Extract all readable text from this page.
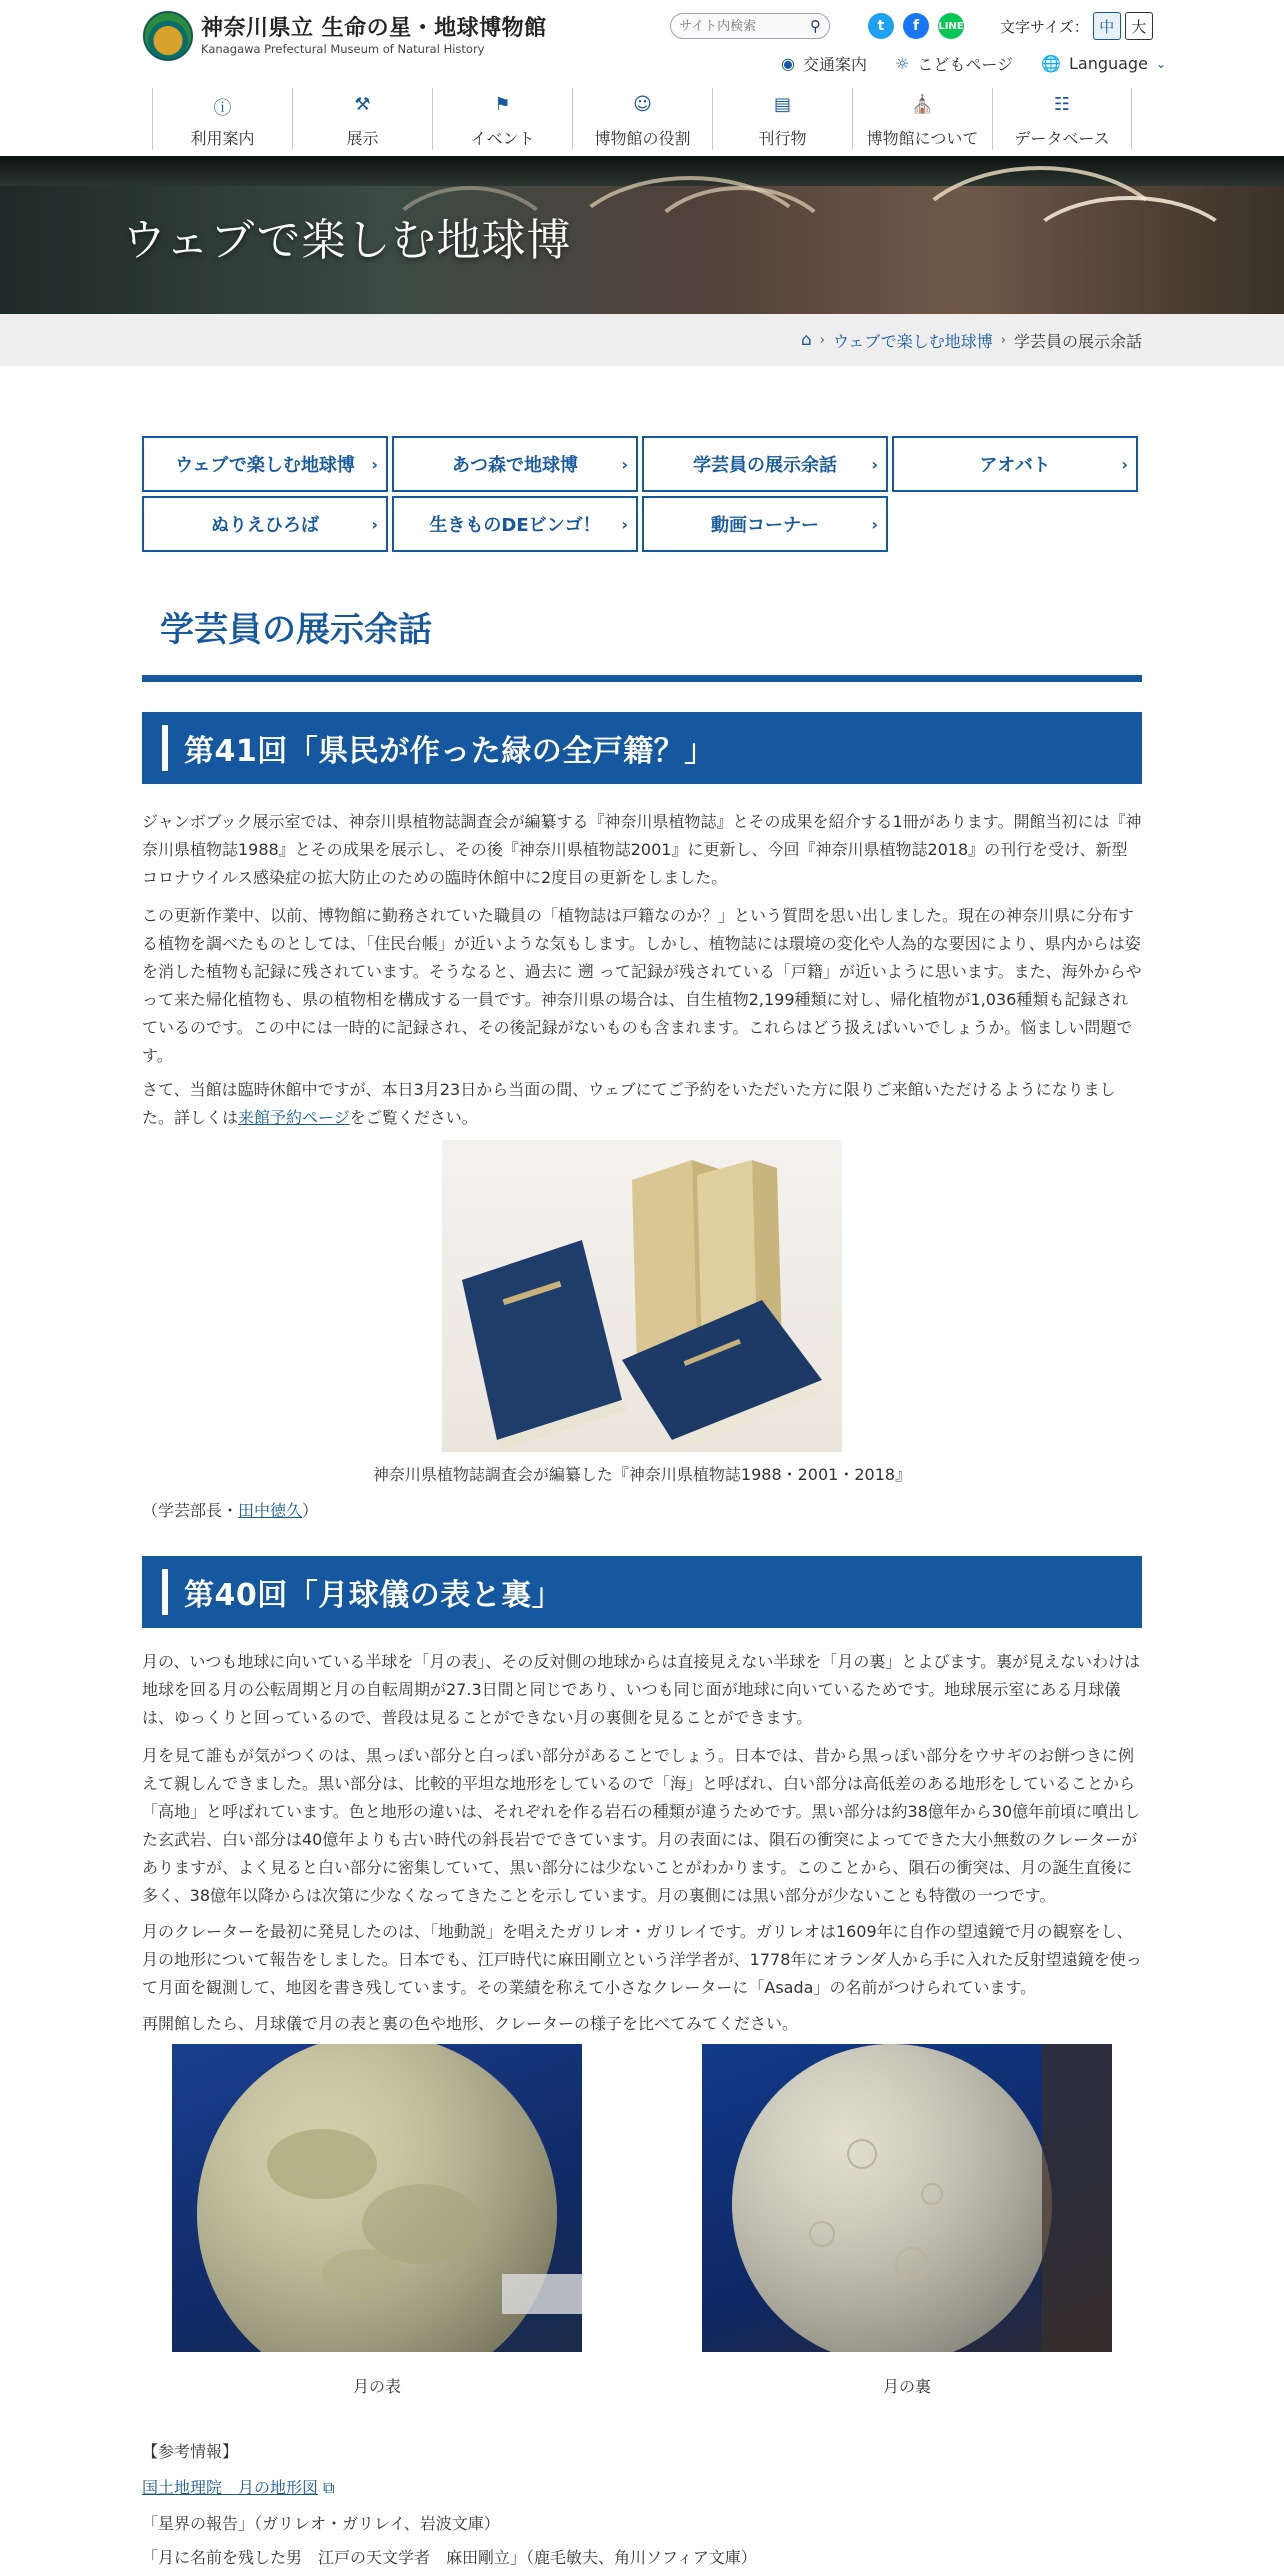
神奈川県立 生命の星・地球博物館
Kanagawa Prefectural Museum of Natural History
サイト内検索
⚲	t	f	LINE 文字サイズ： 中	大
◉ 交通案内 ☼ こどもページ 🌐 Language ⌄
ⓘ
利用案内
⚒
展示
⚑
イベント
☺
博物館の役割
▤
刊行物
⛪
博物館について
☷
データベース
ウェブで楽しむ地球博
⌂ › ウェブで楽しむ地球博 › 学芸員の展示余話
ウェブで楽しむ地球博 ›	あつ森で地球博	›	学芸員の展示余話 ›	アオバト	›
ぬりえひろば	›	生きものDEビンゴ！ ›	動画コーナー	›
学芸員の展示余話
第41回「県民が作った緑の全戸籍？」
ジャンボブック展示室では、神奈川県植物誌調査会が編纂する『神奈川県植物誌』とその成果を紹介する1冊があります。開館当初には『神奈川県植物誌1988』とその成果を展示し、その後『神奈川県植物誌2001』に更新し、今回『神奈川県植物誌2018』の刊行を受け、新型コロナウイルス感染症の拡大防止のための臨時休館中に2度目の更新をしました。
この更新作業中、以前、博物館に勤務されていた職員の「植物誌は戸籍なのか？」という質問を思い出しました。現在の神奈川県に分布する植物を調べたものとしては、「住民台帳」が近いような気もします。しかし、植物誌には環境の変化や人為的な要因により、県内からは姿を消した植物も記録に残されています。そうなると、過去に 遡 って記録が残されている「戸籍」が近いように思います。また、海外からやって来た帰化植物も、県の植物相を構成する一員です。神奈川県の場合は、自生植物2,199種類に対し、帰化植物が1,036種類も記録されているのです。この中には一時的に記録され、その後記録がないものも含まれます。これらはどう扱えばいいでしょうか。悩ましい問題です。
さて、当館は臨時休館中ですが、本日3月23日から当面の間、ウェブにてご予約をいただいた方に限りご来館いただけるようになりました。詳しくは来館予約ページをご覧ください。
神奈川県植物誌調査会が編纂した『神奈川県植物誌1988・2001・2018』
（学芸部長・田中徳久）
第40回「月球儀の表と裏」
月の、いつも地球に向いている半球を「月の表」、その反対側の地球からは直接見えない半球を「月の裏」とよびます。裏が見えないわけは地球を回る月の公転周期と月の自転周期が27.3日間と同じであり、いつも同じ面が地球に向いているためです。地球展示室にある月球儀は、ゆっくりと回っているので、普段は見ることができない月の裏側を見ることができます。
月を見て誰もが気がつくのは、黒っぽい部分と白っぽい部分があることでしょう。日本では、昔から黒っぽい部分をウサギのお餅つきに例えて親しんできました。黒い部分は、比較的平坦な地形をしているので「海」と呼ばれ、白い部分は高低差のある地形をしていることから「高地」と呼ばれています。色と地形の違いは、それぞれを作る岩石の種類が違うためです。黒い部分は約38億年から30億年前頃に噴出した玄武岩、白い部分は40億年よりも古い時代の斜長岩でできています。月の表面には、隕石の衝突によってできた大小無数のクレーターがありますが、よく見ると白い部分に密集していて、黒い部分には少ないことがわかります。このことから、隕石の衝突は、月の誕生直後に多く、38億年以降からは次第に少なくなってきたことを示しています。月の裏側には黒い部分が少ないことも特徴の一つです。
月のクレーターを最初に発見したのは、「地動説」を唱えたガリレオ・ガリレイです。ガリレオは1609年に自作の望遠鏡で月の観察をし、月の地形について報告をしました。日本でも、江戸時代に麻田剛立という洋学者が、1778年にオランダ人から手に入れた反射望遠鏡を使って月面を観測して、地図を書き残しています。その業績を称えて小さなクレーターに「Asada」の名前がつけられています。
再開館したら、月球儀で月の表と裏の色や地形、クレーターの様子を比べてみてください。
月の表	月の裏
【参考情報】
国土地理院　月の地形図 ⧉
「星界の報告」（ガリレオ・ガリレイ、岩波文庫）
「月に名前を残した男　江戸の天文学者　麻田剛立」（鹿毛敏夫、角川ソフィア文庫）
